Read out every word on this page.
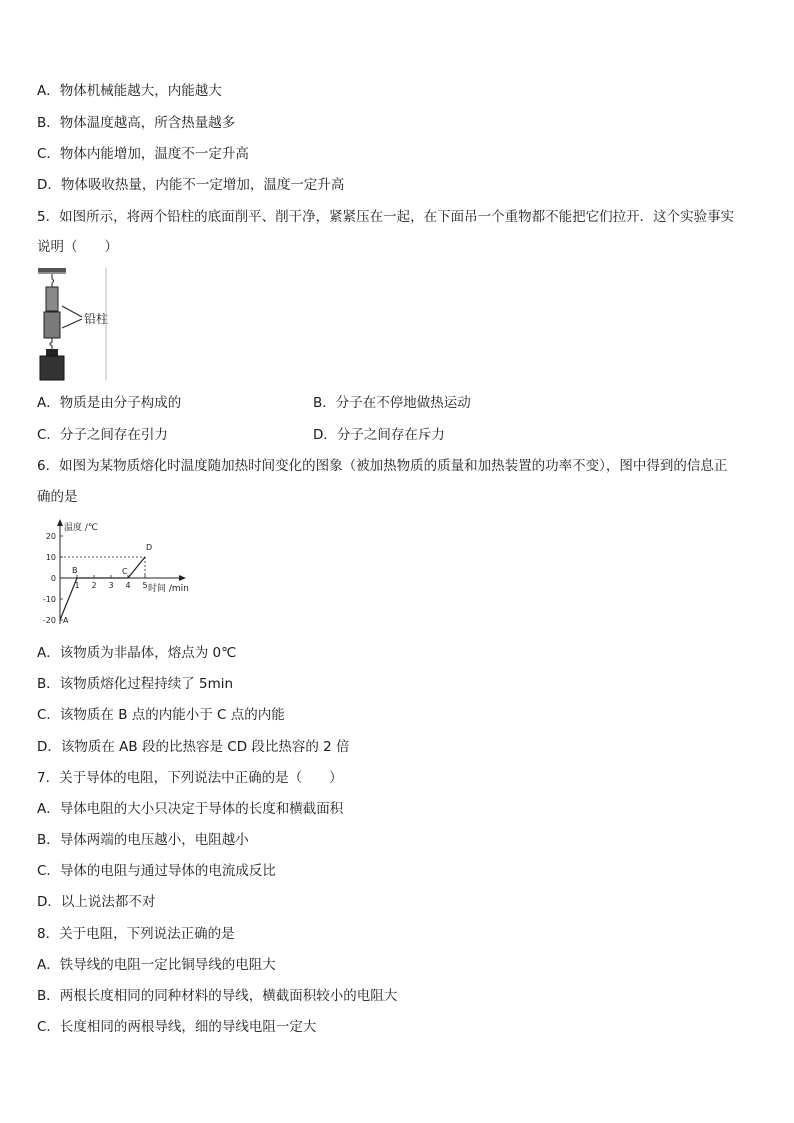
A．物体机械能越大，内能越大
B．物体温度越高，所含热量越多
C．物体内能增加，温度不一定升高
D．物体吸收热量，内能不一定增加，温度一定升高
5．如图所示，将两个铅柱的底面削平、削干净，紧紧压在一起，在下面吊一个重物都不能把它们拉开．这个实验事实
说明（　　）
铅柱
A．物质是由分子构成的	B．分子在不停地做热运动
C．分子之间存在引力	D．分子之间存在斥力
6．如图为某物质熔化时温度随加热时间变化的图象（被加热物质的质量和加热装置的功率不变），图中得到的信息正
确的是
温度 /℃
时间 /min
20
10
0
-10
-20
1 2 3 4 5
A
B	C
D
A．该物质为非晶体，熔点为 0℃
B．该物质熔化过程持续了 5min
C．该物质在 B 点的内能小于 C 点的内能
D．该物质在 AB 段的比热容是 CD 段比热容的 2 倍
7．关于导体的电阻，下列说法中正确的是（　　）
A．导体电阻的大小只决定于导体的长度和横截面积
B．导体两端的电压越小，电阻越小
C．导体的电阻与通过导体的电流成反比
D．以上说法都不对
8．关于电阻，下列说法正确的是
A．铁导线的电阻一定比铜导线的电阻大
B．两根长度相同的同种材料的导线，横截面积较小的电阻大
C．长度相同的两根导线，细的导线电阻一定大
